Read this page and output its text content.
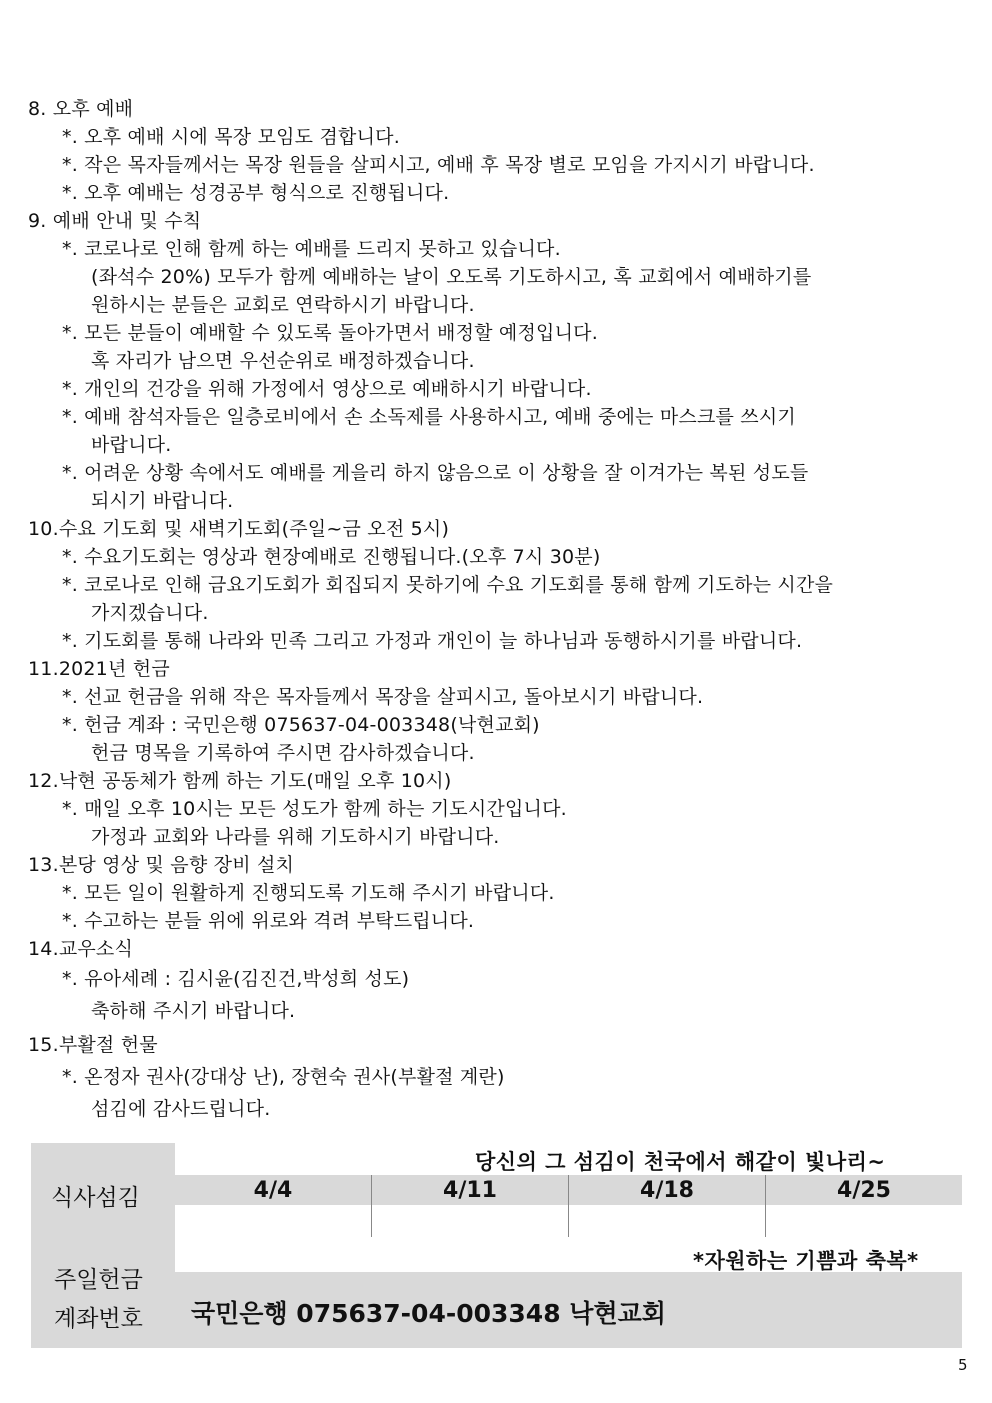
8. 오후 예배
*. 오후 예배 시에 목장 모임도 겸합니다.
*. 작은 목자들께서는 목장 원들을 살피시고, 예배 후 목장 별로 모임을 가지시기 바랍니다.
*. 오후 예배는 성경공부 형식으로 진행됩니다.
9. 예배 안내 및 수칙
*. 코로나로 인해 함께 하는 예배를 드리지 못하고 있습니다.
(좌석수 20%) 모두가 함께 예배하는 날이 오도록 기도하시고, 혹 교회에서 예배하기를
원하시는 분들은 교회로 연락하시기 바랍니다.
*. 모든 분들이 예배할 수 있도록 돌아가면서 배정할 예정입니다.
혹 자리가 남으면 우선순위로 배정하겠습니다.
*. 개인의 건강을 위해 가정에서 영상으로 예배하시기 바랍니다.
*. 예배 참석자들은 일층로비에서 손 소독제를 사용하시고, 예배 중에는 마스크를 쓰시기
바랍니다.
*. 어려운 상황 속에서도 예배를 게을리 하지 않음으로 이 상황을 잘 이겨가는 복된 성도들
되시기 바랍니다.
10.수요 기도회 및 새벽기도회(주일~금 오전 5시)
*. 수요기도회는 영상과 현장예배로 진행됩니다.(오후 7시 30분)
*. 코로나로 인해 금요기도회가 회집되지 못하기에 수요 기도회를 통해 함께 기도하는 시간을
가지겠습니다.
*. 기도회를 통해 나라와 민족 그리고 가정과 개인이 늘 하나님과 동행하시기를 바랍니다.
11.2021년 헌금
*. 선교 헌금을 위해 작은 목자들께서 목장을 살피시고, 돌아보시기 바랍니다.
*. 헌금 계좌 : 국민은행 075637-04-003348(낙현교회)
헌금 명목을 기록하여 주시면 감사하겠습니다.
12.낙현 공동체가 함께 하는 기도(매일 오후 10시)
*. 매일 오후 10시는 모든 성도가 함께 하는 기도시간입니다.
가정과 교회와 나라를 위해 기도하시기 바랍니다.
13.본당 영상 및 음향 장비 설치
*. 모든 일이 원활하게 진행되도록 기도해 주시기 바랍니다.
*. 수고하는 분들 위에 위로와 격려 부탁드립니다.
14.교우소식
*. 유아세례 : 김시윤(김진건,박성희 성도)
축하해 주시기 바랍니다.
15.부활절 헌물
*. 온정자 권사(강대상 난), 장현숙 권사(부활절 계란)
섬김에 감사드립니다.
당신의 그 섬김이 천국에서 해같이 빛나리~
식사섬김	4/4	4/11	4/18	4/25
*자원하는 기쁨과 축복*
주일헌금
계좌번호 국민은행 075637-04-003348 낙현교회
5
